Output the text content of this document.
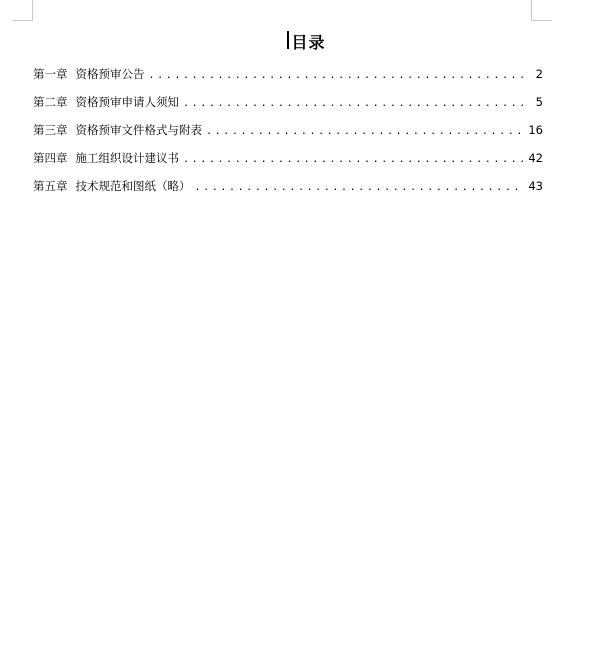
目录
第一章 资格预审公告 .....	2
第二章 资格预审申请人须知 .....	5
第三章 资格预审文件格式与附表 .....	16
第四章 施工组织设计建议书 .....	42
第五章 技术规范和图纸（略） .....	43
